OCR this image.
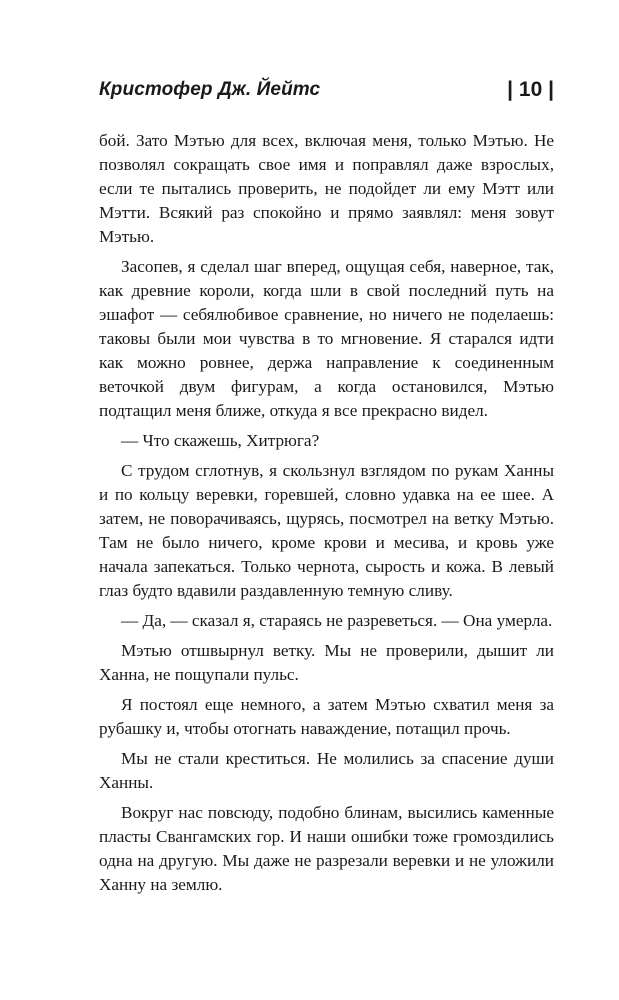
Кристофер Дж. Йейтс	| 10 |

бой. Зато Мэтью для всех, включая меня, только Мэтью. Не позволял сокращать свое имя и поправлял даже взрослых, если те пытались проверить, не подойдет ли ему Мэтт или Мэтти. Всякий раз спокойно и прямо заявлял: меня зовут Мэтью.

Засопев, я сделал шаг вперед, ощущая себя, наверное, так, как древние короли, когда шли в свой последний путь на эшафот — себялюбивое сравнение, но ничего не поделаешь: таковы были мои чувства в то мгновение. Я старался идти как можно ровнее, держа направление к соединенным веточкой двум фигурам, а когда остановился, Мэтью подтащил меня ближе, откуда я все прекрасно видел.

— Что скажешь, Хитрюга?

С трудом сглотнув, я скользнул взглядом по рукам Ханны и по кольцу веревки, горевшей, словно удавка на ее шее. А затем, не поворачиваясь, щурясь, посмотрел на ветку Мэтью. Там не было ничего, кроме крови и месива, и кровь уже начала запекаться. Только чернота, сырость и кожа. В левый глаз будто вдавили раздавленную темную сливу.

— Да, — сказал я, стараясь не разреветься. — Она умерла.

Мэтью отшвырнул ветку. Мы не проверили, дышит ли Ханна, не пощупали пульс.

Я постоял еще немного, а затем Мэтью схватил меня за рубашку и, чтобы отогнать наваждение, потащил прочь.

Мы не стали креститься. Не молились за спасение души Ханны.

Вокруг нас повсюду, подобно блинам, высились каменные пласты Свангамских гор. И наши ошибки тоже громоздились одна на другую. Мы даже не разрезали веревки и не уложили Ханну на землю.
